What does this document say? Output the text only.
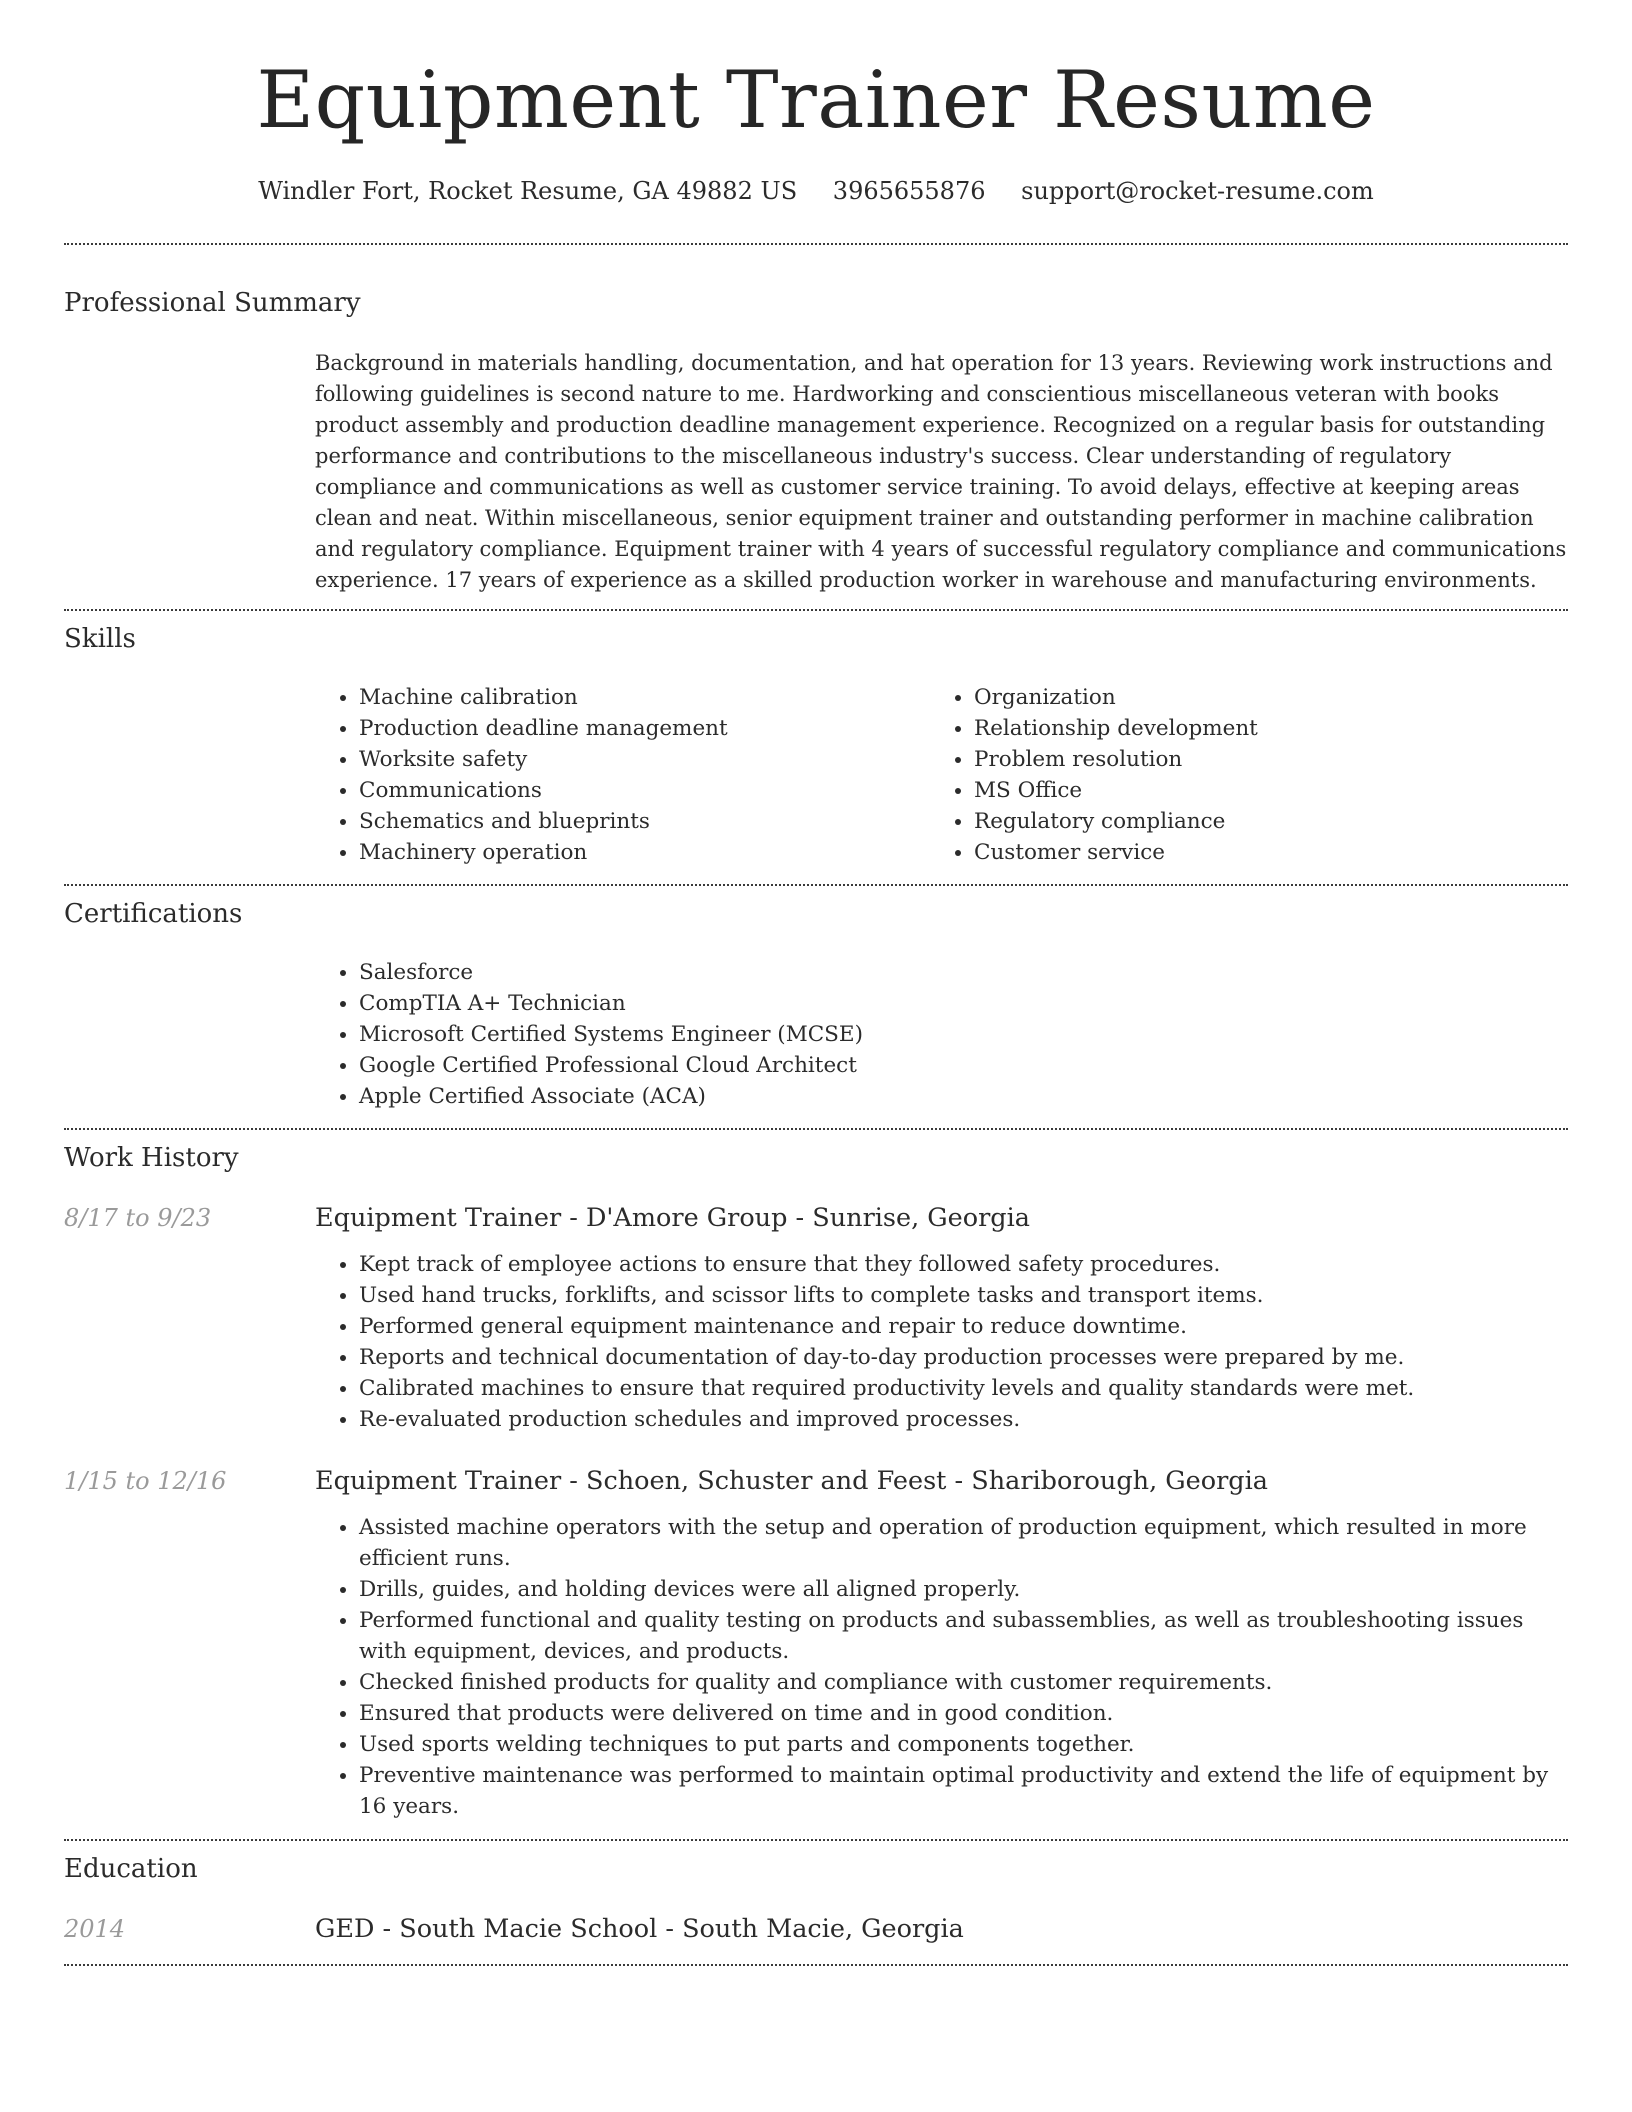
Equipment Trainer Resume
Windler Fort, Rocket Resume, GA 49882 US 3965655876 support@rocket-resume.com
Professional Summary
Background in materials handling, documentation, and hat operation for 13 years. Reviewing work instructions and following guidelines is second nature to me. Hardworking and conscientious miscellaneous veteran with books product assembly and production deadline management experience. Recognized on a regular basis for outstanding performance and contributions to the miscellaneous industry's success. Clear understanding of regulatory compliance and communications as well as customer service training. To avoid delays, effective at keeping areas clean and neat. Within miscellaneous, senior equipment trainer and outstanding performer in machine calibration and regulatory compliance. Equipment trainer with 4 years of successful regulatory compliance and communications experience. 17 years of experience as a skilled production worker in warehouse and manufacturing environments.
Skills
• Machine calibration
• Production deadline management
• Worksite safety
• Communications
• Schematics and blueprints
• Machinery operation
• Organization
• Relationship development
• Problem resolution
• MS Office
• Regulatory compliance
• Customer service
Certifications
• Salesforce
• CompTIA A+ Technician
• Microsoft Certified Systems Engineer (MCSE)
• Google Certified Professional Cloud Architect
• Apple Certified Associate (ACA)
Work History
8/17 to 9/23	Equipment Trainer - D'Amore Group - Sunrise, Georgia
• Kept track of employee actions to ensure that they followed safety procedures.
• Used hand trucks, forklifts, and scissor lifts to complete tasks and transport items.
• Performed general equipment maintenance and repair to reduce downtime.
• Reports and technical documentation of day-to-day production processes were prepared by me.
• Calibrated machines to ensure that required productivity levels and quality standards were met.
• Re-evaluated production schedules and improved processes.
1/15 to 12/16	Equipment Trainer - Schoen, Schuster and Feest - Shariborough, Georgia
• Assisted machine operators with the setup and operation of production equipment, which resulted in more efficient runs.
• Drills, guides, and holding devices were all aligned properly.
• Performed functional and quality testing on products and subassemblies, as well as troubleshooting issues with equipment, devices, and products.
• Checked finished products for quality and compliance with customer requirements.
• Ensured that products were delivered on time and in good condition.
• Used sports welding techniques to put parts and components together.
• Preventive maintenance was performed to maintain optimal productivity and extend the life of equipment by 16 years.
Education
2014	GED - South Macie School - South Macie, Georgia
